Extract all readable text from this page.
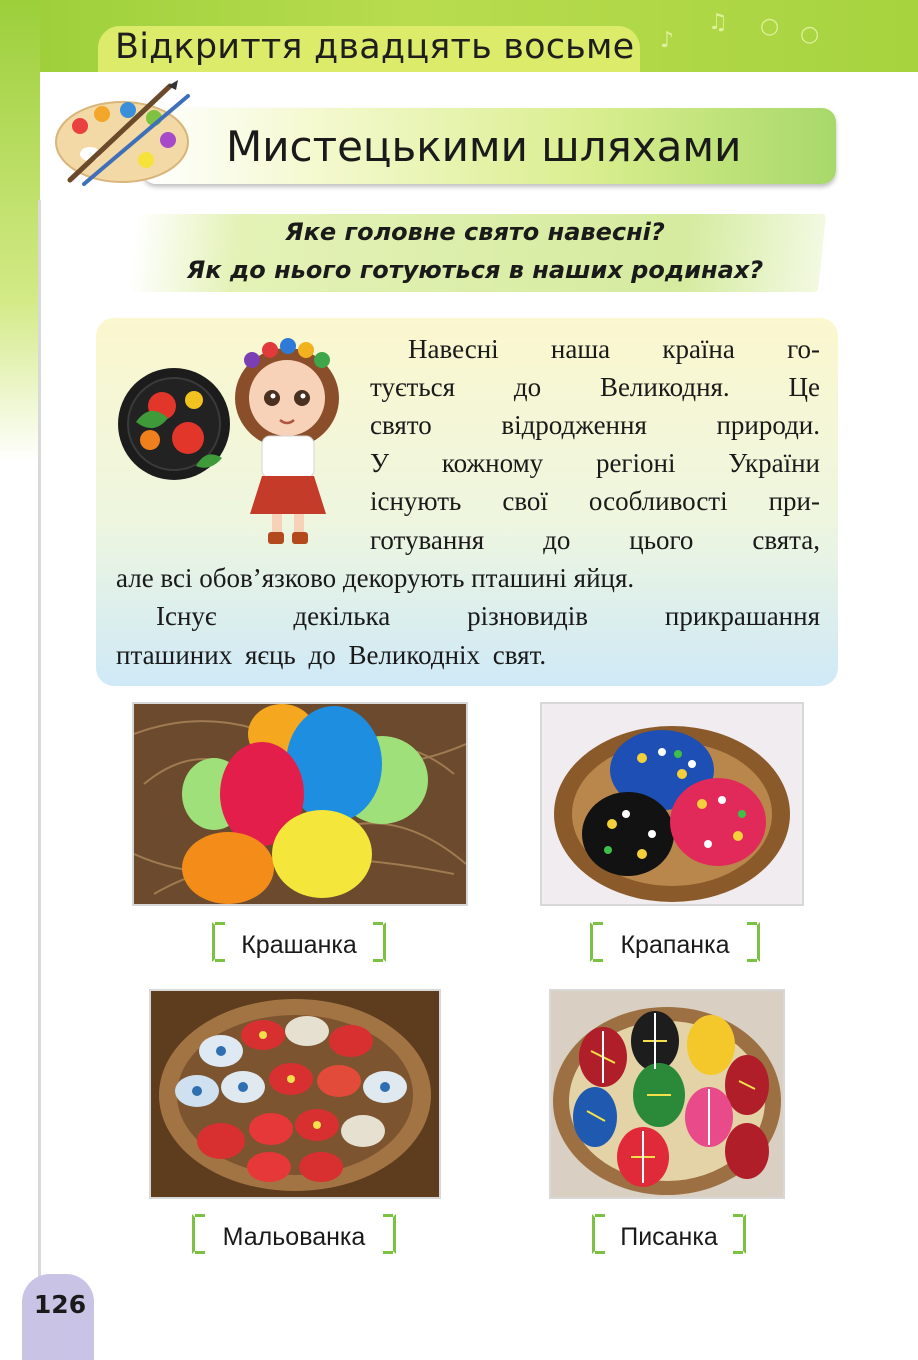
♪
♫ ○ ○
Відкриття двадцять восьме
Мистецькими шляхами
Яке головне свято навесні?
Як до нього готуються в наших родинах?
Навесні наша країна го-
тується до Великодня. Це
свято відродження природи.
У кожному регіоні України
існують свої особливості при-
готування до цього свята,
але всі обов’язково декорують пташині яйця.
Існує декілька різновидів прикрашання
пташиних яєць до Великодніх свят.
Крашанка	Крапанка
Мальованка	Писанка
126
